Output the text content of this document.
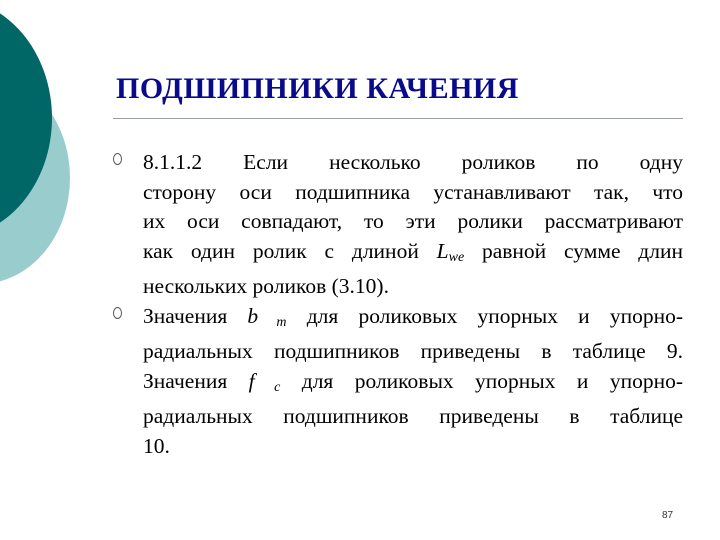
ПОДШИПНИКИ КАЧЕНИЯ
8.1.1.2 Если несколько роликов по одну
сторону оси подшипника устанавливают так, что
их оси совпадают, то эти ролики рассматривают
как один ролик с длиной $L_{we}$ равной сумме длин
нескольких роликов (3.10).
Значения b $_m$ для роликовых упорных и упорно-
радиальных подшипников приведены в таблице 9.
Значения f $_c$ для роликовых упорных и упорно-
радиальных подшипников приведены в таблице
10.
87
